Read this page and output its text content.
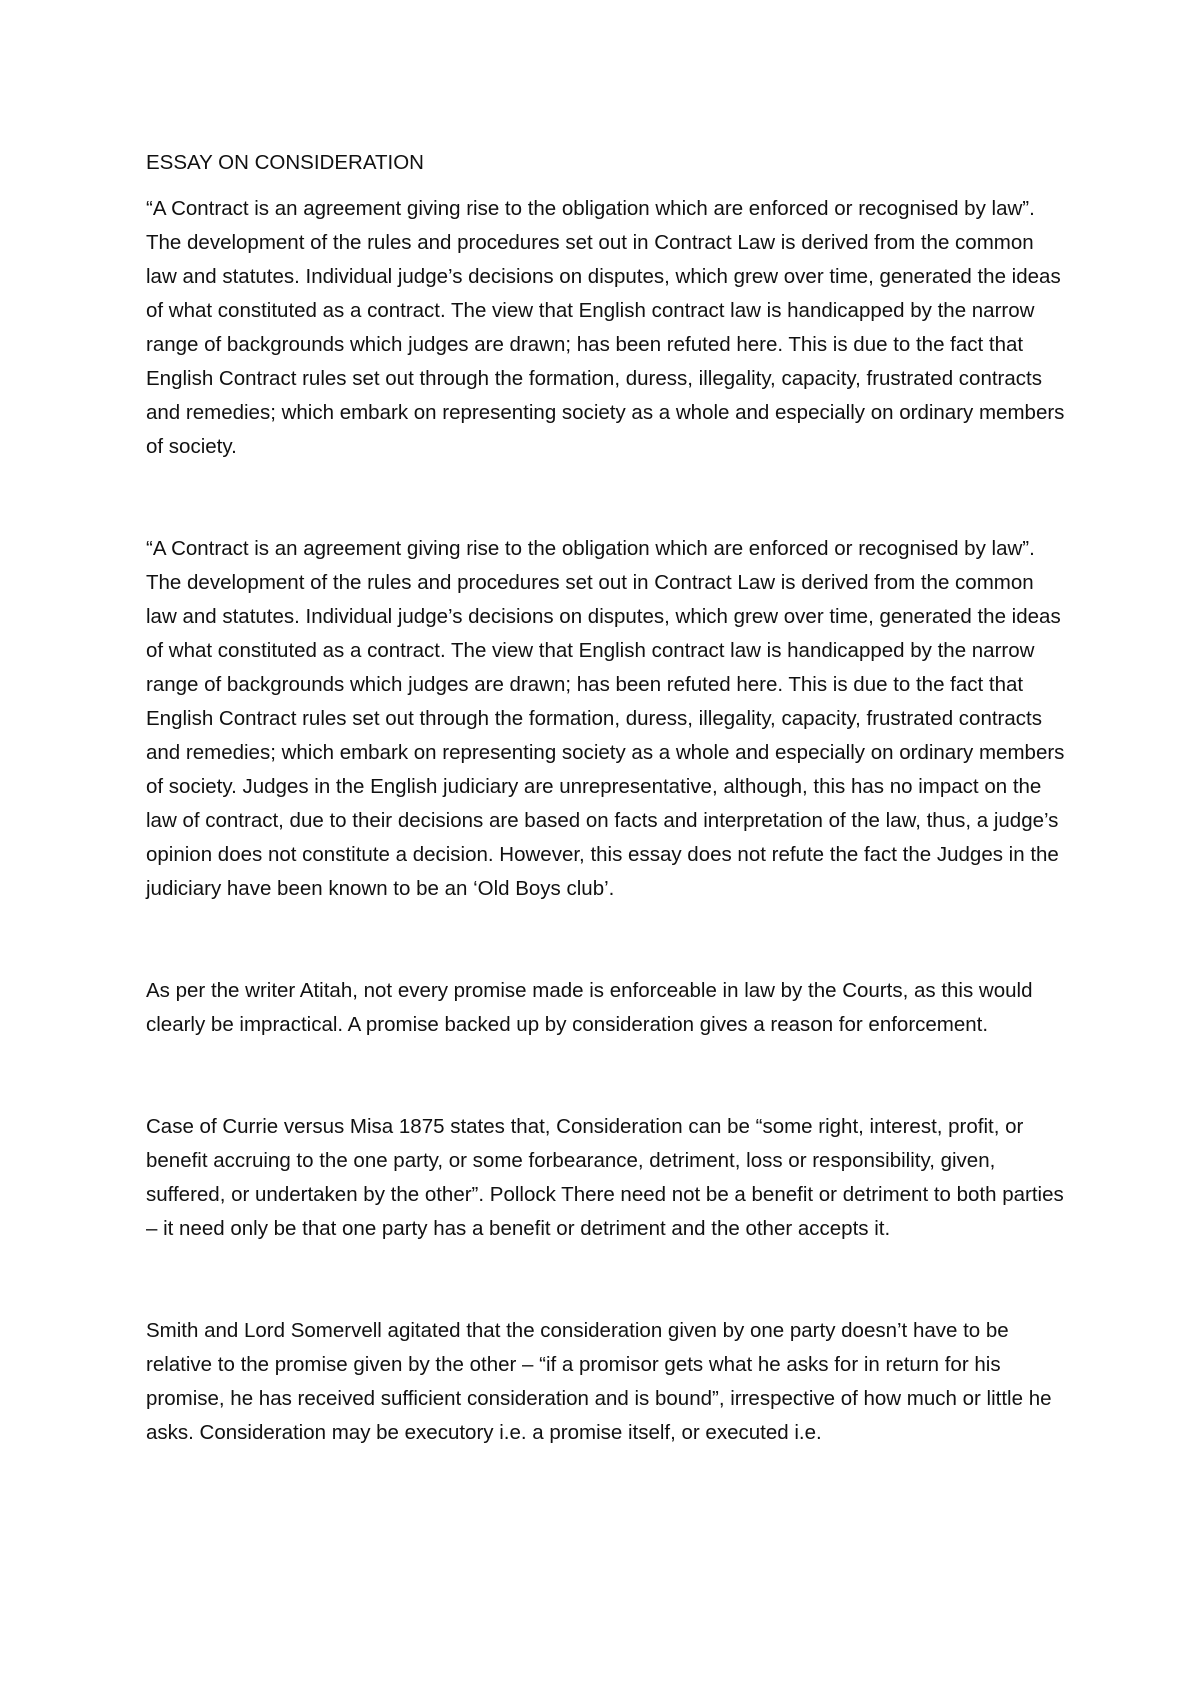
ESSAY ON CONSIDERATION

“A Contract is an agreement giving rise to the obligation which are enforced or recognised by law”. The development of the rules and procedures set out in Contract Law is derived from the common law and statutes. Individual judge’s decisions on disputes, which grew over time, generated the ideas of what constituted as a contract. The view that English contract law is handicapped by the narrow range of backgrounds which judges are drawn; has been refuted here. This is due to the fact that English Contract rules set out through the formation, duress, illegality, capacity, frustrated contracts and remedies; which embark on representing society as a whole and especially on ordinary members of society.

“A Contract is an agreement giving rise to the obligation which are enforced or recognised by law”. The development of the rules and procedures set out in Contract Law is derived from the common law and statutes. Individual judge’s decisions on disputes, which grew over time, generated the ideas of what constituted as a contract. The view that English contract law is handicapped by the narrow range of backgrounds which judges are drawn; has been refuted here. This is due to the fact that English Contract rules set out through the formation, duress, illegality, capacity, frustrated contracts and remedies; which embark on representing society as a whole and especially on ordinary members of society. Judges in the English judiciary are unrepresentative, although, this has no impact on the law of contract, due to their decisions are based on facts and interpretation of the law, thus, a judge’s opinion does not constitute a decision. However, this essay does not refute the fact the Judges in the judiciary have been known to be an ‘Old Boys club’.

As per the writer Atitah, not every promise made is enforceable in law by the Courts, as this would clearly be impractical. A promise backed up by consideration gives a reason for enforcement.

Case of Currie versus Misa 1875 states that, Consideration can be “some right, interest, profit, or benefit accruing to the one party, or some forbearance, detriment, loss or responsibility, given, suffered, or undertaken by the other”. Pollock There need not be a benefit or detriment to both parties – it need only be that one party has a benefit or detriment and the other accepts it.

Smith and Lord Somervell agitated that the consideration given by one party doesn’t have to be relative to the promise given by the other – “if a promisor gets what he asks for in return for his promise, he has received sufficient consideration and is bound”, irrespective of how much or little he asks. Consideration may be executory i.e. a promise itself, or executed i.e.
